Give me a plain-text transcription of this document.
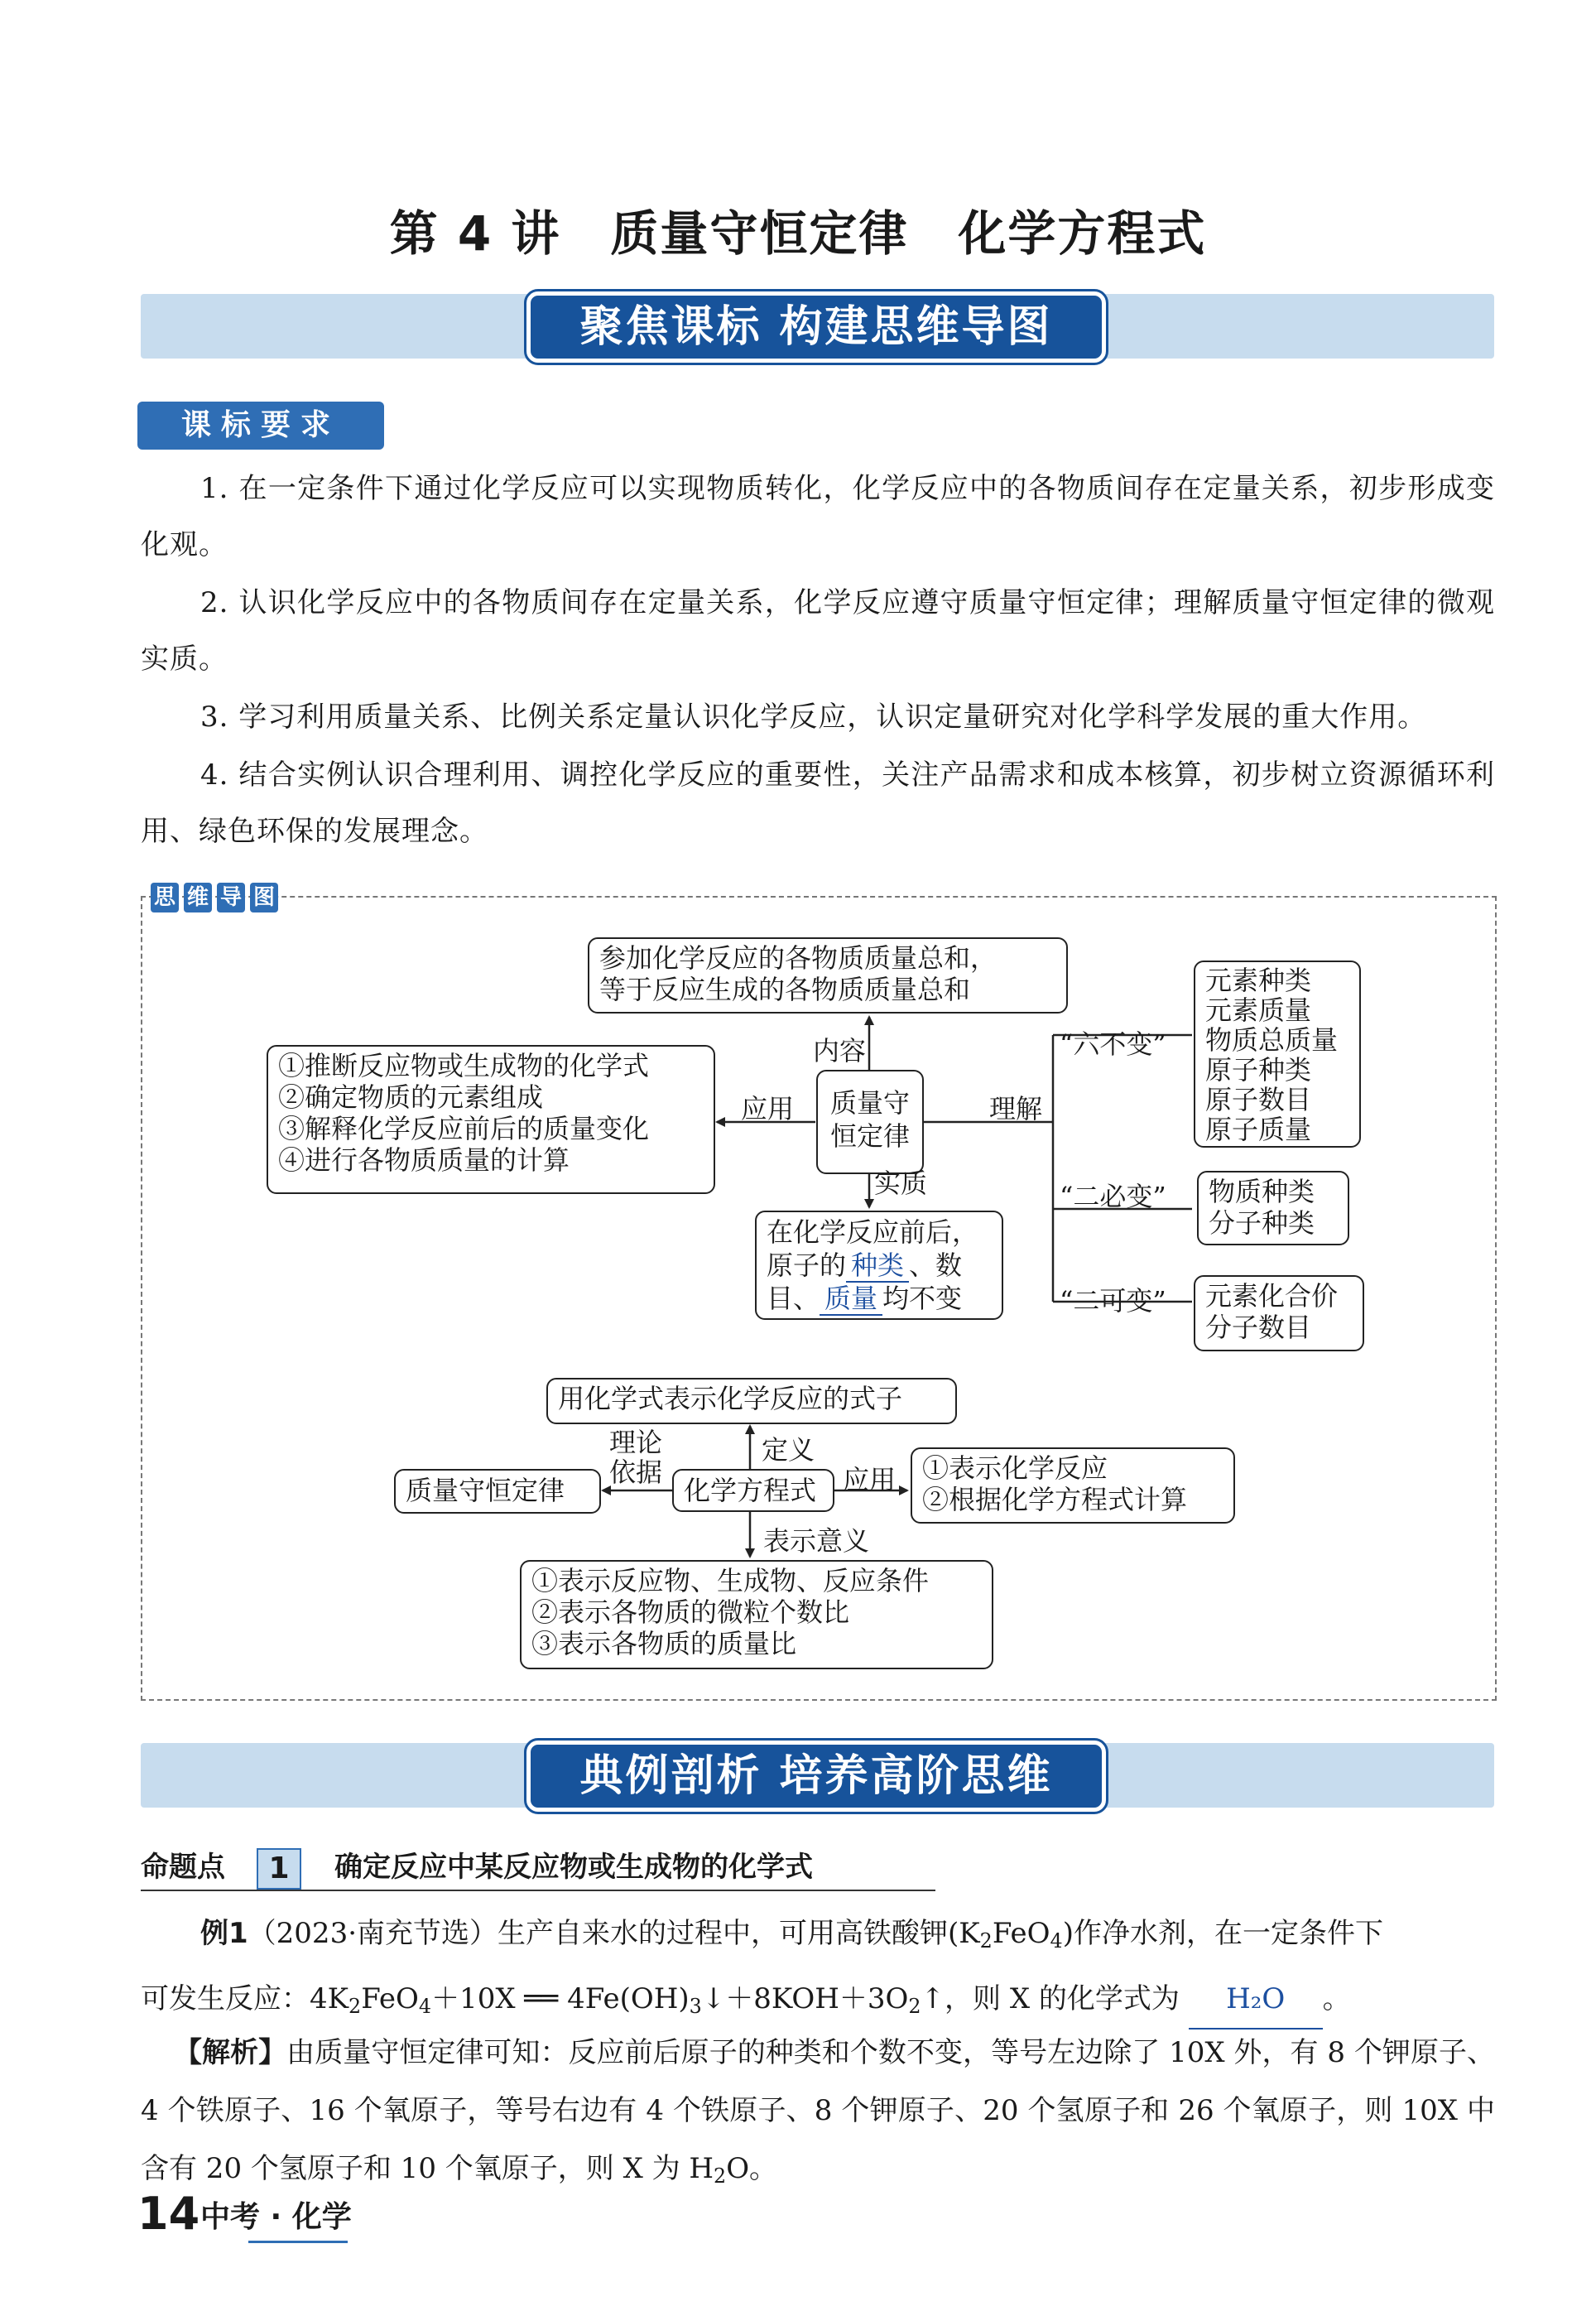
第 4 讲　质量守恒定律　化学方程式
聚焦课标 构建思维导图
课标要求

1. 在一定条件下通过化学反应可以实现物质转化，化学反应中的各物质间存在定量关系，初步形成变化观。

2. 认识化学反应中的各物质间存在定量关系，化学反应遵守质量守恒定律；理解质量守恒定律的微观实质。

3. 学习利用质量关系、比例关系定量认识化学反应，认识定量研究对化学科学发展的重大作用。

4. 结合实例认识合理利用、调控化学反应的重要性，关注产品需求和成本核算，初步树立资源循环利用、绿色环保的发展理念。

思 维 导 图
参加化学反应的各物质质量总和，
等于反应生成的各物质质量总和
内容
质量守
恒定律
应用
①推断反应物或生成物的化学式
②确定物质的元素组成
③解释化学反应前后的质量变化
④进行各物质质量的计算
实质
在化学反应前后，
原子的 种类 、数
目、 质量 均不变
理解
“六不变”
元素种类
元素质量
物质总质量
原子种类
原子数目
原子质量
“二必变” 物质种类
分子种类
“二可变” 元素化合价
分子数目
用化学式表示化学反应的式子
定义
化学方程式
理论
依据
质量守恒定律	应用 ①表示化学反应
②根据化学方程式计算
表示意义
①表示反应物、生成物、反应条件
②表示各物质的微粒个数比
③表示各物质的质量比
典例剖析 培养高阶思维
命题点	1	确定反应中某反应物或生成物的化学式
例1（2023·南充节选）生产自来水的过程中，可用高铁酸钾$(K_2FeO_4)$作净水剂，在一定条件下
可发生反应：$4K_2FeO_4+10X$ ══ $4Fe(OH)_3↓+8KOH+3O_2↑$，则 X 的化学式为 H₂O 。
【解析】由质量守恒定律可知：反应前后原子的种类和个数不变，等号左边除了 10X 外，有 8 个钾原子、4 个铁原子、16 个氧原子，等号右边有 4 个铁原子、8 个钾原子、20 个氢原子和 26 个氧原子，则 10X 中含有 20 个氢原子和 10 个氧原子，则 X 为 $H_2O$。
14 中考 · 化学
